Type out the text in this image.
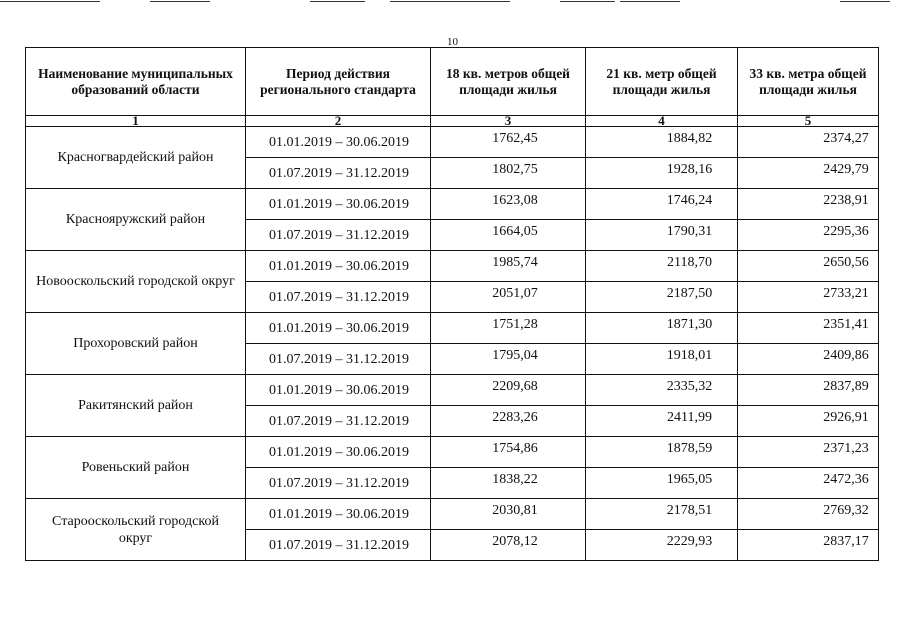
10
Наименование муниципальных образований области	Период действия регионального стандарта	18 кв. метров общей площади жилья	21 кв. метр общей площади жилья	33 кв. метра общей площади жилья
1	2	3	4	5
Красногвардейский район	01.01.2019 – 30.06.2019	1762,45	1884,82	2374,27
	01.07.2019 – 31.12.2019	1802,75	1928,16	2429,79
Краснояружский район	01.01.2019 – 30.06.2019	1623,08	1746,24	2238,91
	01.07.2019 – 31.12.2019	1664,05	1790,31	2295,36
Новооскольский городской округ	01.01.2019 – 30.06.2019	1985,74	2118,70	2650,56
	01.07.2019 – 31.12.2019	2051,07	2187,50	2733,21
Прохоровский район	01.01.2019 – 30.06.2019	1751,28	1871,30	2351,41
	01.07.2019 – 31.12.2019	1795,04	1918,01	2409,86
Ракитянский район	01.01.2019 – 30.06.2019	2209,68	2335,32	2837,89
	01.07.2019 – 31.12.2019	2283,26	2411,99	2926,91
Ровеньский район	01.01.2019 – 30.06.2019	1754,86	1878,59	2371,23
	01.07.2019 – 31.12.2019	1838,22	1965,05	2472,36
Старооскольский городской округ	01.01.2019 – 30.06.2019	2030,81	2178,51	2769,32
	01.07.2019 – 31.12.2019	2078,12	2229,93	2837,17
